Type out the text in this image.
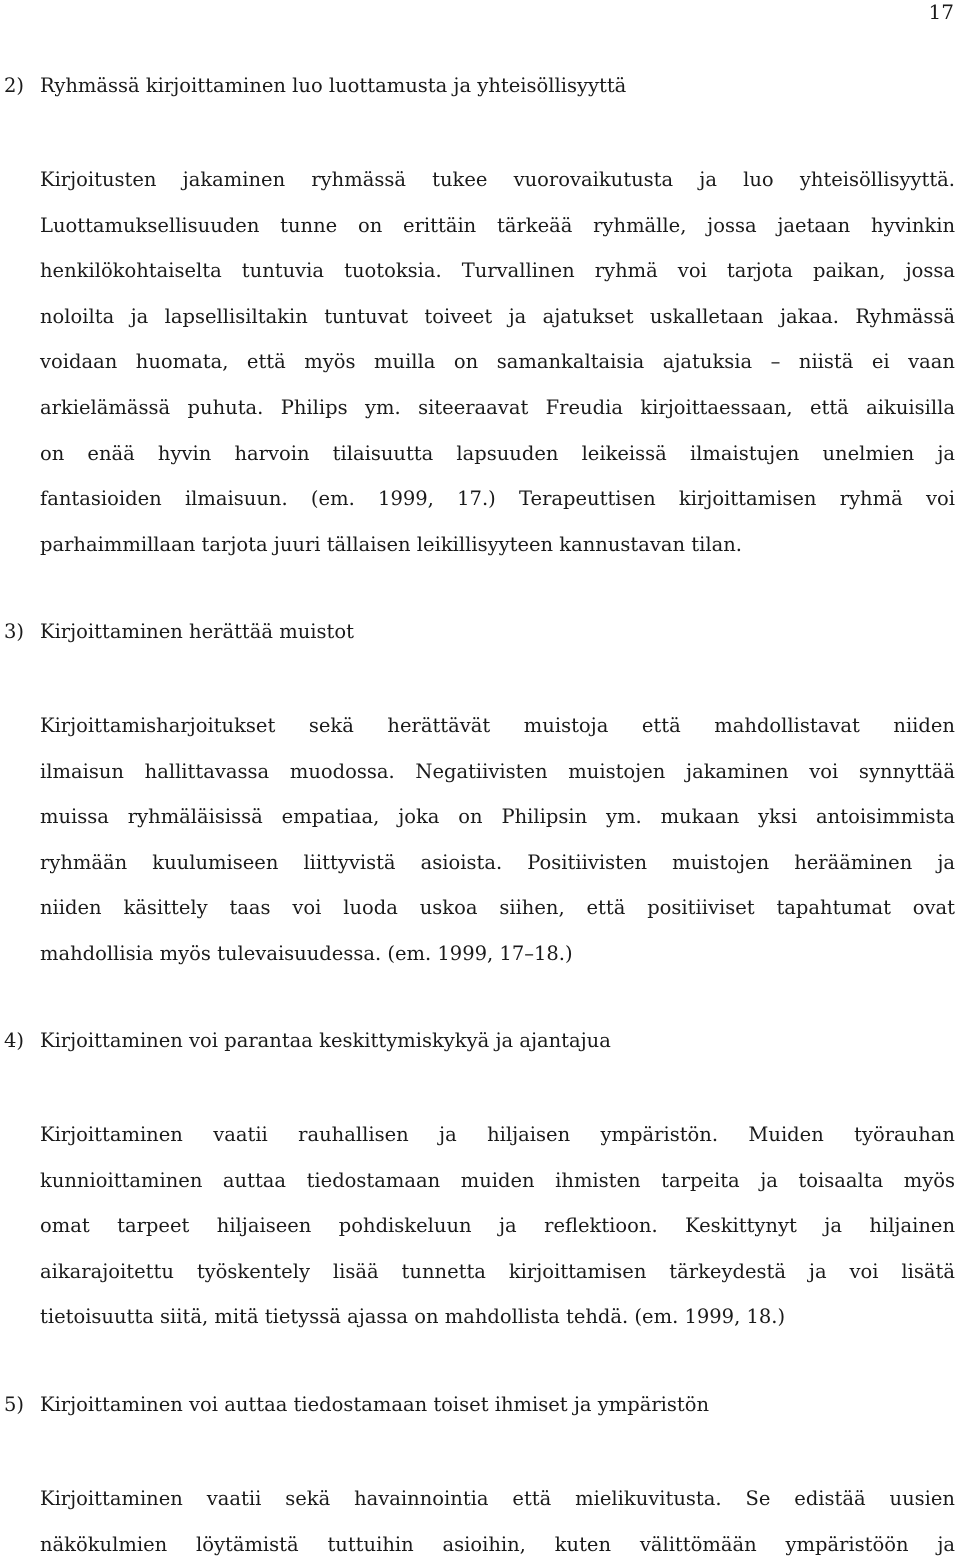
17
2) Ryhmässä kirjoittaminen luo luottamusta ja yhteisöllisyyttä
Kirjoitusten jakaminen ryhmässä tukee vuorovaikutusta ja luo yhteisöllisyyttä.
Luottamuksellisuuden tunne on erittäin tärkeää ryhmälle, jossa jaetaan hyvinkin
henkilökohtaiselta tuntuvia tuotoksia. Turvallinen ryhmä voi tarjota paikan, jossa
noloilta ja lapsellisiltakin tuntuvat toiveet ja ajatukset uskalletaan jakaa. Ryhmässä
voidaan huomata, että myös muilla on samankaltaisia ajatuksia – niistä ei vaan
arkielämässä puhuta. Philips ym. siteeraavat Freudia kirjoittaessaan, että aikuisilla
on enää hyvin harvoin tilaisuutta lapsuuden leikeissä ilmaistujen unelmien ja
fantasioiden ilmaisuun. (em. 1999, 17.) Terapeuttisen kirjoittamisen ryhmä voi
parhaimmillaan tarjota juuri tällaisen leikillisyyteen kannustavan tilan.
3) Kirjoittaminen herättää muistot
Kirjoittamisharjoitukset sekä herättävät muistoja että mahdollistavat niiden
ilmaisun hallittavassa muodossa. Negatiivisten muistojen jakaminen voi synnyttää
muissa ryhmäläisissä empatiaa, joka on Philipsin ym. mukaan yksi antoisimmista
ryhmään kuulumiseen liittyvistä asioista. Positiivisten muistojen herääminen ja
niiden käsittely taas voi luoda uskoa siihen, että positiiviset tapahtumat ovat
mahdollisia myös tulevaisuudessa. (em. 1999, 17–18.)
4) Kirjoittaminen voi parantaa keskittymiskykyä ja ajantajua
Kirjoittaminen vaatii rauhallisen ja hiljaisen ympäristön. Muiden työrauhan
kunnioittaminen auttaa tiedostamaan muiden ihmisten tarpeita ja toisaalta myös
omat tarpeet hiljaiseen pohdiskeluun ja reflektioon. Keskittynyt ja hiljainen
aikarajoitettu työskentely lisää tunnetta kirjoittamisen tärkeydestä ja voi lisätä
tietoisuutta siitä, mitä tietyssä ajassa on mahdollista tehdä. (em. 1999, 18.)
5) Kirjoittaminen voi auttaa tiedostamaan toiset ihmiset ja ympäristön
Kirjoittaminen vaatii sekä havainnointia että mielikuvitusta. Se edistää uusien
näkökulmien löytämistä tuttuihin asioihin, kuten välittömään ympäristöön ja
